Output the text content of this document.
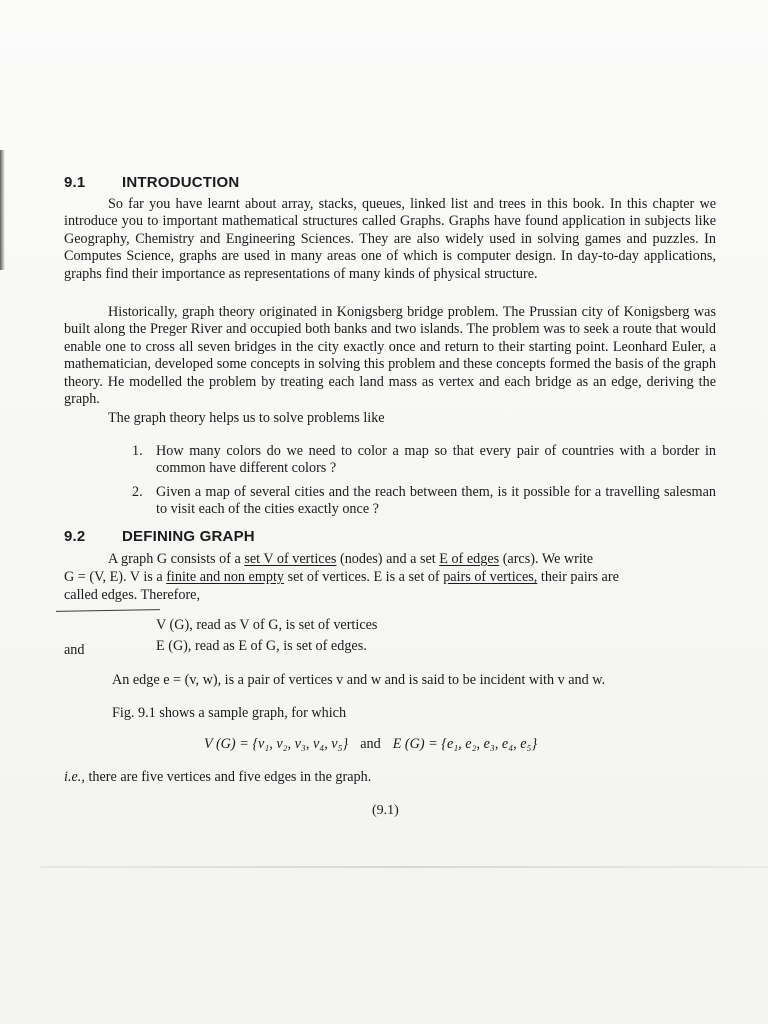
9.1 INTRODUCTION

So far you have learnt about array, stacks, queues, linked list and trees in this book. In this chapter we introduce you to important mathematical structures called Graphs. Graphs have found application in subjects like Geography, Chemistry and Engineering Sciences. They are also widely used in solving games and puzzles. In Computes Science, graphs are used in many areas one of which is computer design. In day-to-day applications, graphs find their importance as representations of many kinds of physical structure.

Historically, graph theory originated in Konigsberg bridge problem. The Prussian city of Konigsberg was built along the Preger River and occupied both banks and two islands. The problem was to seek a route that would enable one to cross all seven bridges in the city exactly once and return to their starting point. Leonhard Euler, a mathematician, developed some concepts in solving this problem and these concepts formed the basis of the graph theory. He modelled the problem by treating each land mass as vertex and each bridge as an edge, deriving the graph.

The graph theory helps us to solve problems like

1. How many colors do we need to color a map so that every pair of countries with a border in common have different colors ?
2. Given a map of several cities and the reach between them, is it possible for a travelling salesman to visit each of the cities exactly once ?
9.2 DEFINING GRAPH
A graph G consists of a set V of vertices (nodes) and a set E of edges (arcs). We write
G = (V, E). V is a finite and non empty set of vertices. E is a set of pairs of vertices, their pairs are
called edges. Therefore,
V (G), read as V of G, is set of vertices
and	E (G), read as E of G, is set of edges.
An edge e = (v, w), is a pair of vertices v and w and is said to be incident with v and w.
Fig. 9.1 shows a sample graph, for which
V (G) = {v₁, v₂, v₃, v₄, v₅} and E (G) = {e₁, e₂, e₃, e₄, e₅}
i.e., there are five vertices and five edges in the graph.
(9.1)
